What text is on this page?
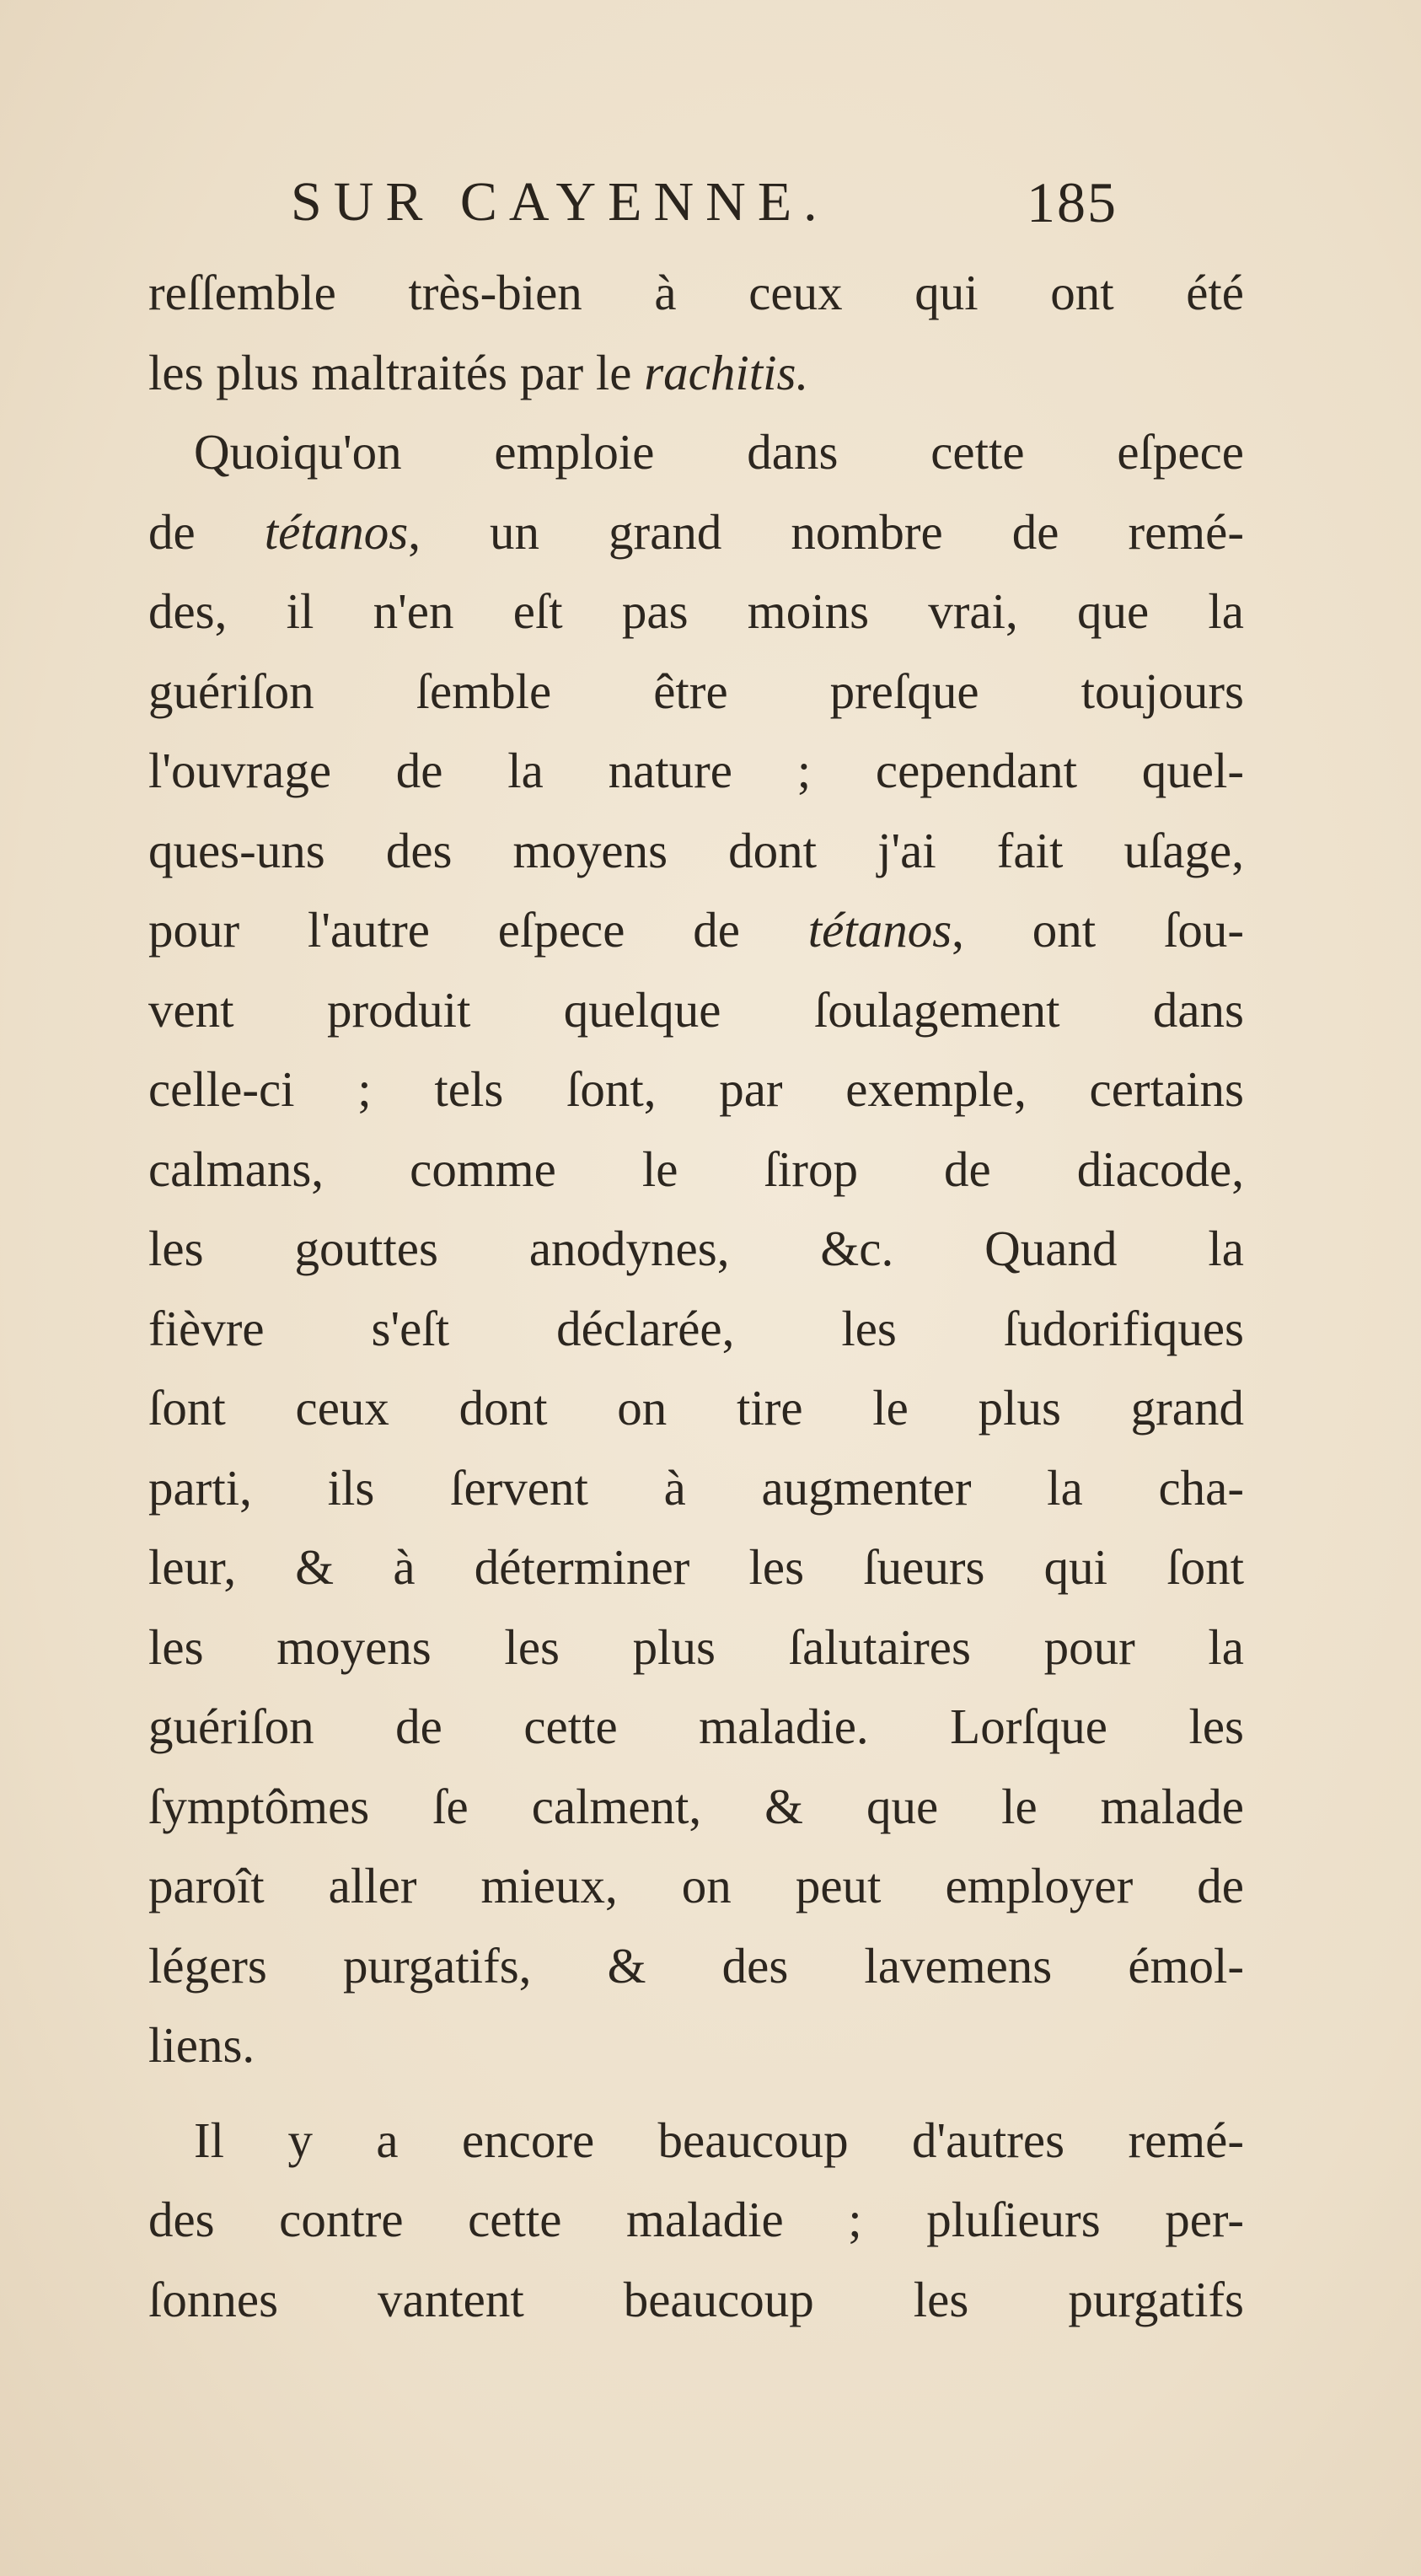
SUR CAYENNE.	185
reſſemble très-bien à ceux qui ont été
les plus maltraités par le rachitis.
Quoiqu'on emploie dans cette eſpece
de tétanos, un grand nombre de remé-
des, il n'en eſt pas moins vrai, que la
guériſon ſemble être preſque toujours
l'ouvrage de la nature ; cependant quel-
ques-uns des moyens dont j'ai fait uſage,
pour l'autre eſpece de tétanos, ont ſou-
vent produit quelque ſoulagement dans
celle-ci ; tels ſont, par exemple, certains
calmans, comme le ſirop de diacode,
les gouttes anodynes, &c. Quand la
fièvre s'eſt déclarée, les ſudorifiques
ſont ceux dont on tire le plus grand
parti, ils ſervent à augmenter la cha-
leur, & à déterminer les ſueurs qui ſont
les moyens les plus ſalutaires pour la
guériſon de cette maladie. Lorſque les
ſymptômes ſe calment, & que le malade
paroît aller mieux, on peut employer de
légers purgatifs, & des lavemens émol-
liens.
Il y a encore beaucoup d'autres remé-
des contre cette maladie ; pluſieurs per-
ſonnes vantent beaucoup les purgatifs
